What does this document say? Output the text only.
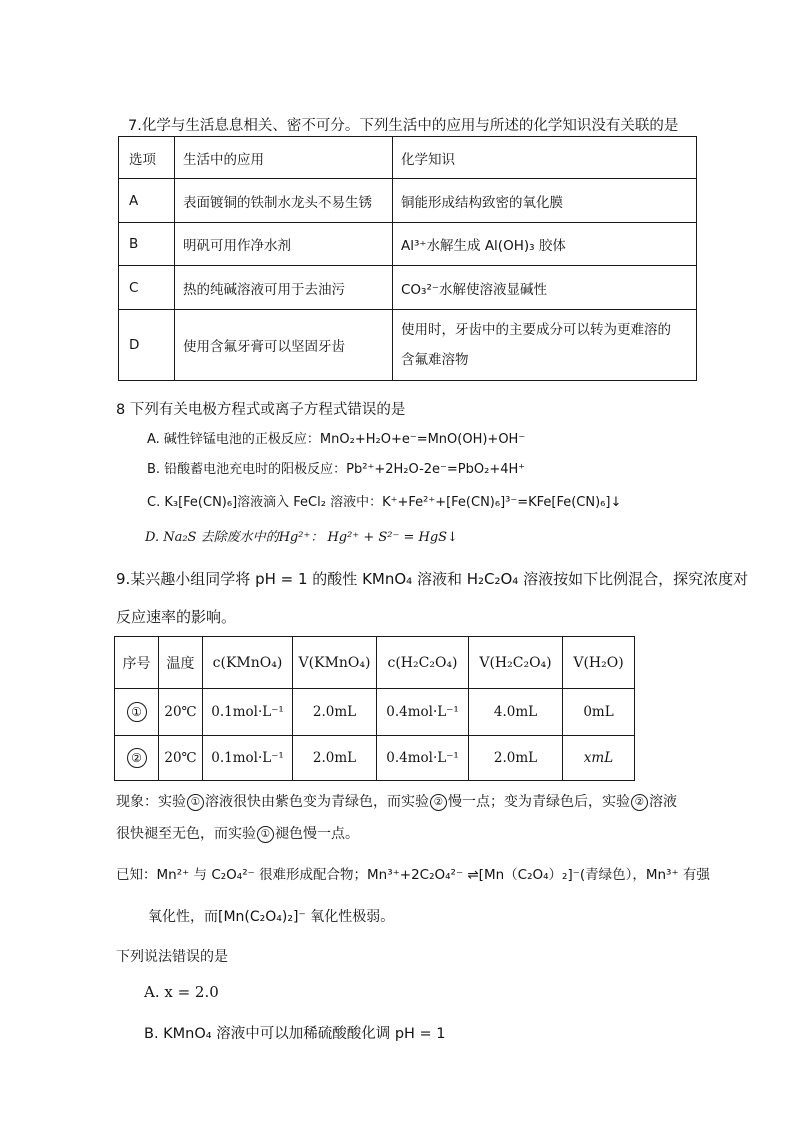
7.化学与生活息息相关、密不可分。下列生活中的应用与所述的化学知识没有关联的是
选项	生活中的应用	化学知识
A	表面镀铜的铁制水龙头不易生锈	铜能形成结构致密的氧化膜
B	明矾可用作净水剂	Al³⁺水解生成 Al(OH)₃ 胶体
C	热的纯碱溶液可用于去油污	CO₃²⁻水解使溶液显碱性
D	使用含氟牙膏可以坚固牙齿	使用时，牙齿中的主要成分可以转为更难溶的
含氟难溶物
8 下列有关电极方程式或离子方程式错误的是
A. 碱性锌锰电池的正极反应：MnO₂+H₂O+e⁻=MnO(OH)+OH⁻
B. 铅酸蓄电池充电时的阳极反应：Pb²⁺+2H₂O-2e⁻=PbO₂+4H⁺
C. K₃[Fe(CN)₆]溶液滴入 FeCl₂ 溶液中：K⁺+Fe²⁺+[Fe(CN)₆]³⁻=KFe[Fe(CN)₆]↓
D. Na₂S 去除废水中的Hg²⁺： Hg²⁺ + S²⁻ = HgS↓
9.某兴趣小组同学将 pH = 1 的酸性 KMnO₄ 溶液和 H₂C₂O₄ 溶液按如下比例混合，探究浓度对
反应速率的影响。
序号	温度	c(KMnO₄)	V(KMnO₄)	c(H₂C₂O₄)	V(H₂C₂O₄)	V(H₂O)
①	20℃	0.1mol·L⁻¹	2.0mL	0.4mol·L⁻¹	4.0mL	0mL
②	20℃	0.1mol·L⁻¹	2.0mL	0.4mol·L⁻¹	2.0mL	xmL
现象：实验 ① 溶液很快由紫色变为青绿色，而实验 ② 慢一点；变为青绿色后，实验 ② 溶液
很快褪至无色，而实验 ① 褪色慢一点。
已知：Mn²⁺ 与 C₂O₄²⁻ 很难形成配合物；Mn³⁺+2C₂O₄²⁻ ⇌[Mn（C₂O₄）₂]⁻(青绿色），Mn³⁺ 有强
氧化性，而[Mn(C₂O₄)₂]⁻ 氧化性极弱。
下列说法错误的是
A. x = 2.0
B. KMnO₄ 溶液中可以加稀硫酸酸化调 pH = 1
